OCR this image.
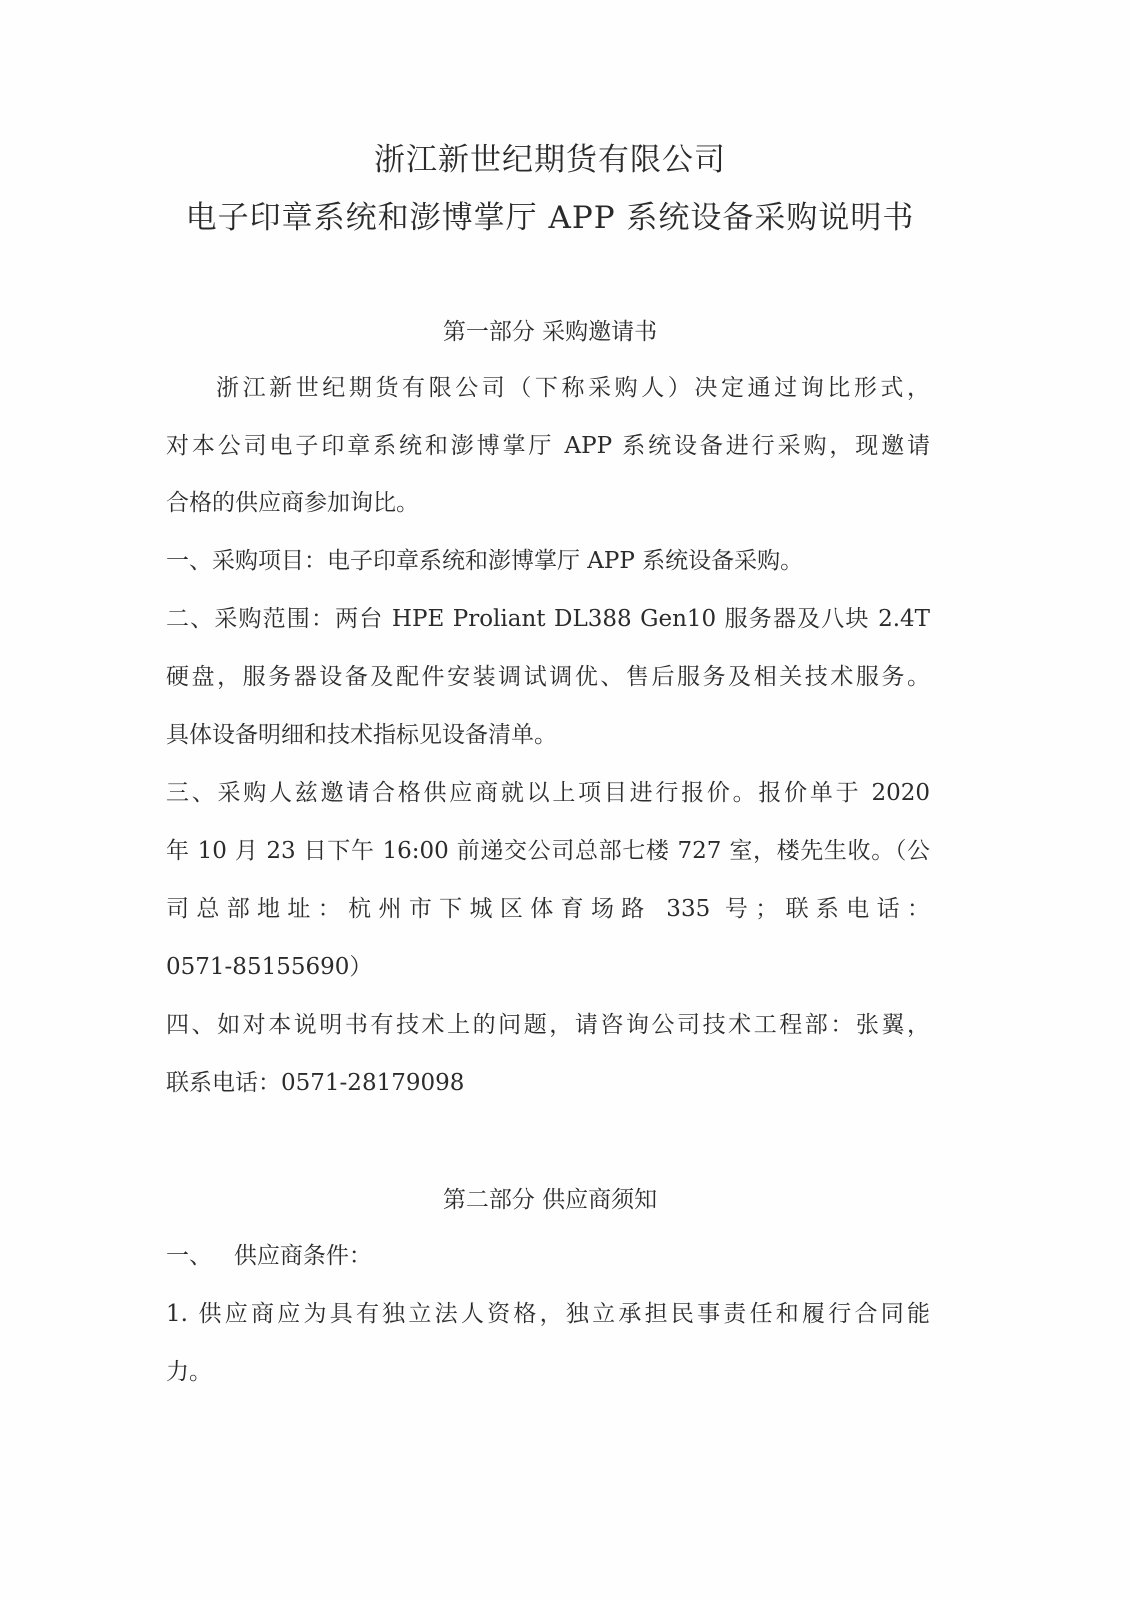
浙江新世纪期货有限公司
电子印章系统和澎博掌厅 APP 系统设备采购说明书
第一部分 采购邀请书
浙江新世纪期货有限公司（下称采购人）决定通过询比形式，
对本公司电子印章系统和澎博掌厅 APP 系统设备进行采购，现邀请
合格的供应商参加询比。
一、采购项目：电子印章系统和澎博掌厅 APP 系统设备采购。
二、采购范围：两台 HPE Proliant DL388 Gen10 服务器及八块 2.4T
硬盘，服务器设备及配件安装调试调优、售后服务及相关技术服务。
具体设备明细和技术指标见设备清单。
三、采购人兹邀请合格供应商就以上项目进行报价。报价单于 2020
年 10 月 23 日下午 16:00 前递交公司总部七楼 727 室，楼先生收。（公
司总部地址：杭州市下城区体育场路 335 号；联系电话：
0571-85155690）
四、如对本说明书有技术上的问题，请咨询公司技术工程部：张翼，
联系电话：0571-28179098
第二部分 供应商须知
一、   供应商条件：
1. 供应商应为具有独立法人资格，独立承担民事责任和履行合同能
力。
